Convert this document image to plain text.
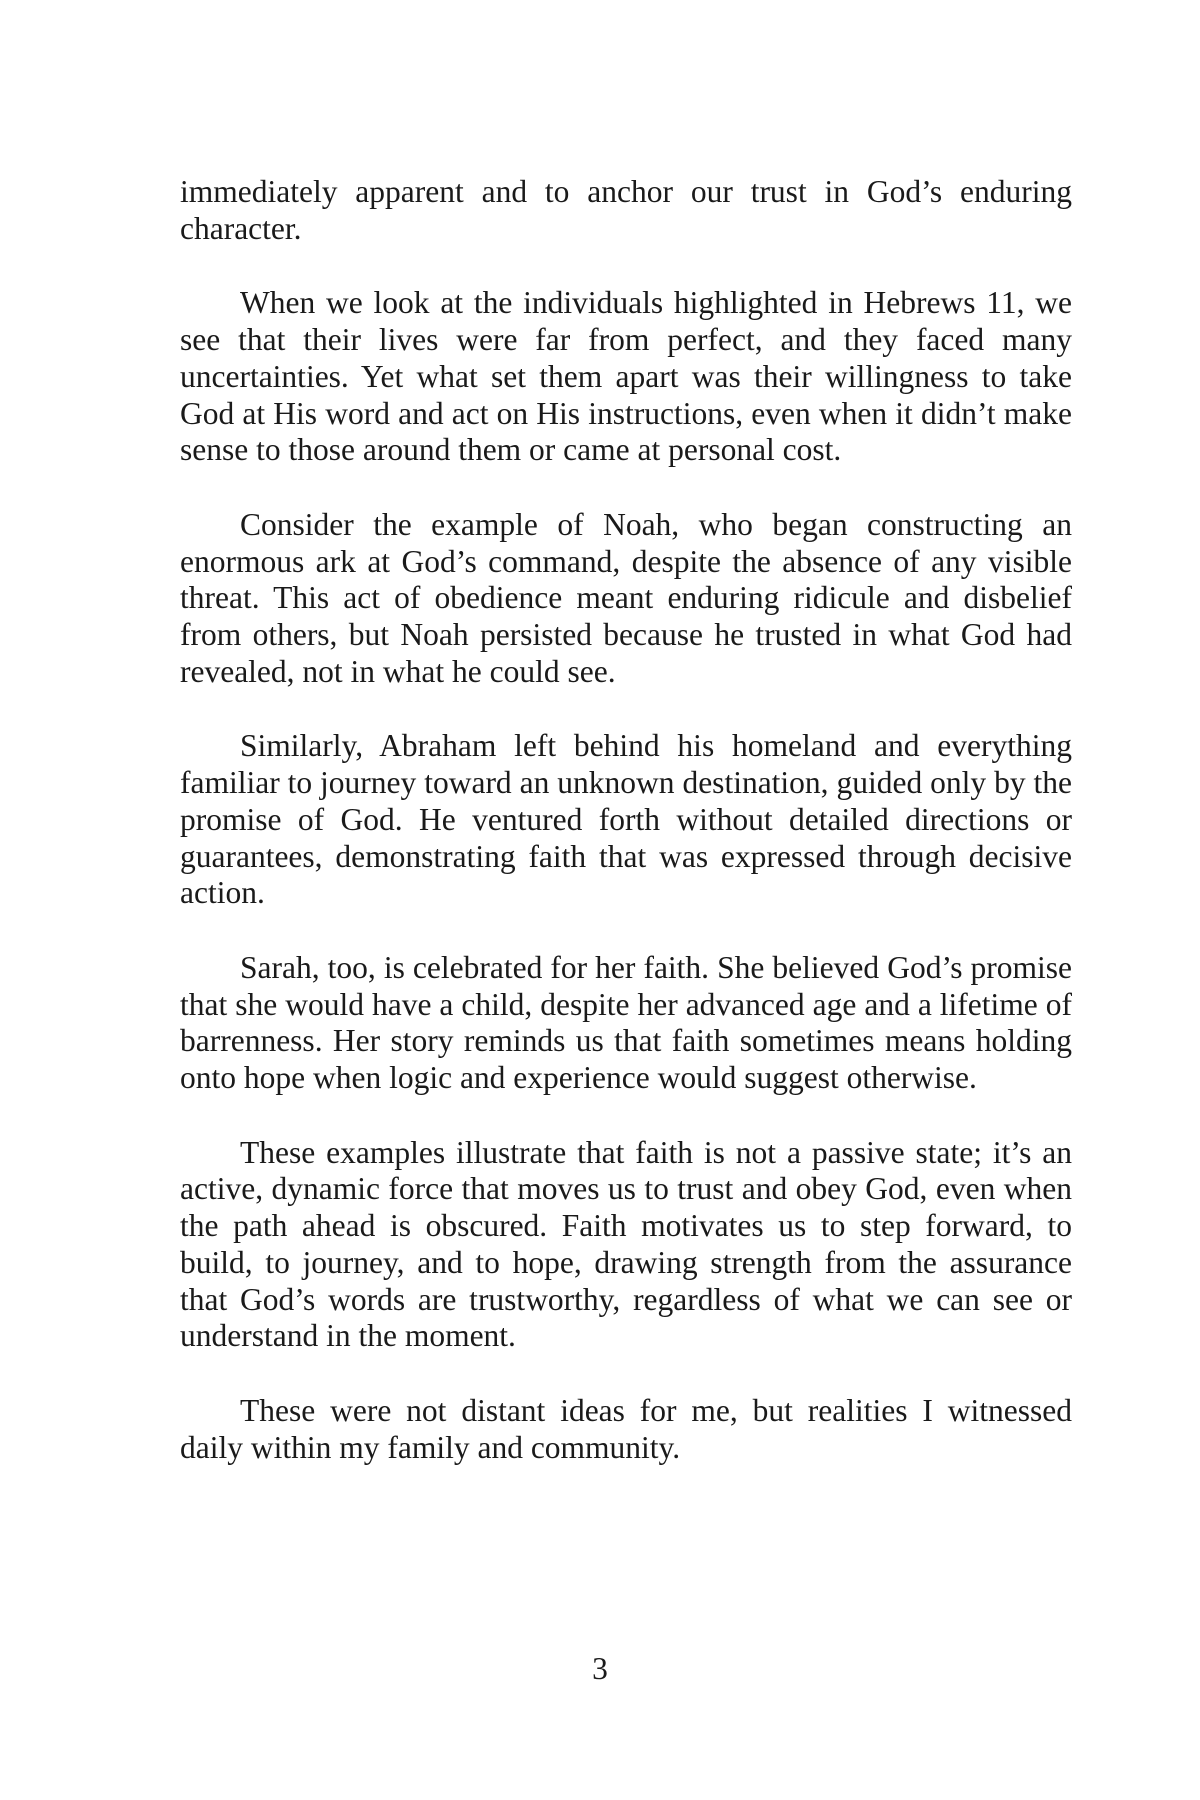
immediately apparent and to anchor our trust in God’s enduring character.

When we look at the individuals highlighted in Hebrews 11, we see that their lives were far from perfect, and they faced many uncertainties. Yet what set them apart was their willingness to take God at His word and act on His instructions, even when it didn’t make sense to those around them or came at personal cost.

Consider the example of Noah, who began constructing an enormous ark at God’s command, despite the absence of any visible threat. This act of obedience meant enduring ridicule and disbelief from others, but Noah persisted because he trusted in what God had revealed, not in what he could see.

Similarly, Abraham left behind his homeland and everything familiar to journey toward an unknown destination, guided only by the promise of God. He ventured forth without detailed directions or guarantees, demonstrating faith that was expressed through decisive action.

Sarah, too, is celebrated for her faith. She believed God’s promise that she would have a child, despite her advanced age and a lifetime of barrenness. Her story reminds us that faith sometimes means holding onto hope when logic and experience would suggest otherwise.

These examples illustrate that faith is not a passive state; it’s an active, dynamic force that moves us to trust and obey God, even when the path ahead is obscured. Faith motivates us to step forward, to build, to journey, and to hope, drawing strength from the assurance that God’s words are trustworthy, regardless of what we can see or understand in the moment.

These were not distant ideas for me, but realities I witnessed daily within my family and community.

3
